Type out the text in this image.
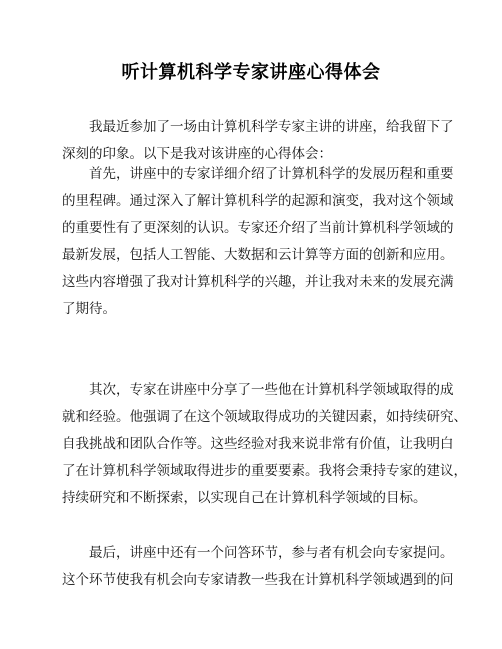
听计算机科学专家讲座心得体会
我最近参加了一场由计算机科学专家主讲的讲座，给我留下了
深刻的印象。以下是我对该讲座的心得体会：
首先，讲座中的专家详细介绍了计算机科学的发展历程和重要
的里程碑。通过深入了解计算机科学的起源和演变，我对这个领域
的重要性有了更深刻的认识。专家还介绍了当前计算机科学领域的
最新发展，包括人工智能、大数据和云计算等方面的创新和应用。
这些内容增强了我对计算机科学的兴趣，并让我对未来的发展充满
了期待。
其次，专家在讲座中分享了一些他在计算机科学领域取得的成
就和经验。他强调了在这个领域取得成功的关键因素，如持续研究、
自我挑战和团队合作等。这些经验对我来说非常有价值，让我明白
了在计算机科学领域取得进步的重要要素。我将会秉持专家的建议，
持续研究和不断探索，以实现自己在计算机科学领域的目标。
最后，讲座中还有一个问答环节，参与者有机会向专家提问。
这个环节使我有机会向专家请教一些我在计算机科学领域遇到的问
